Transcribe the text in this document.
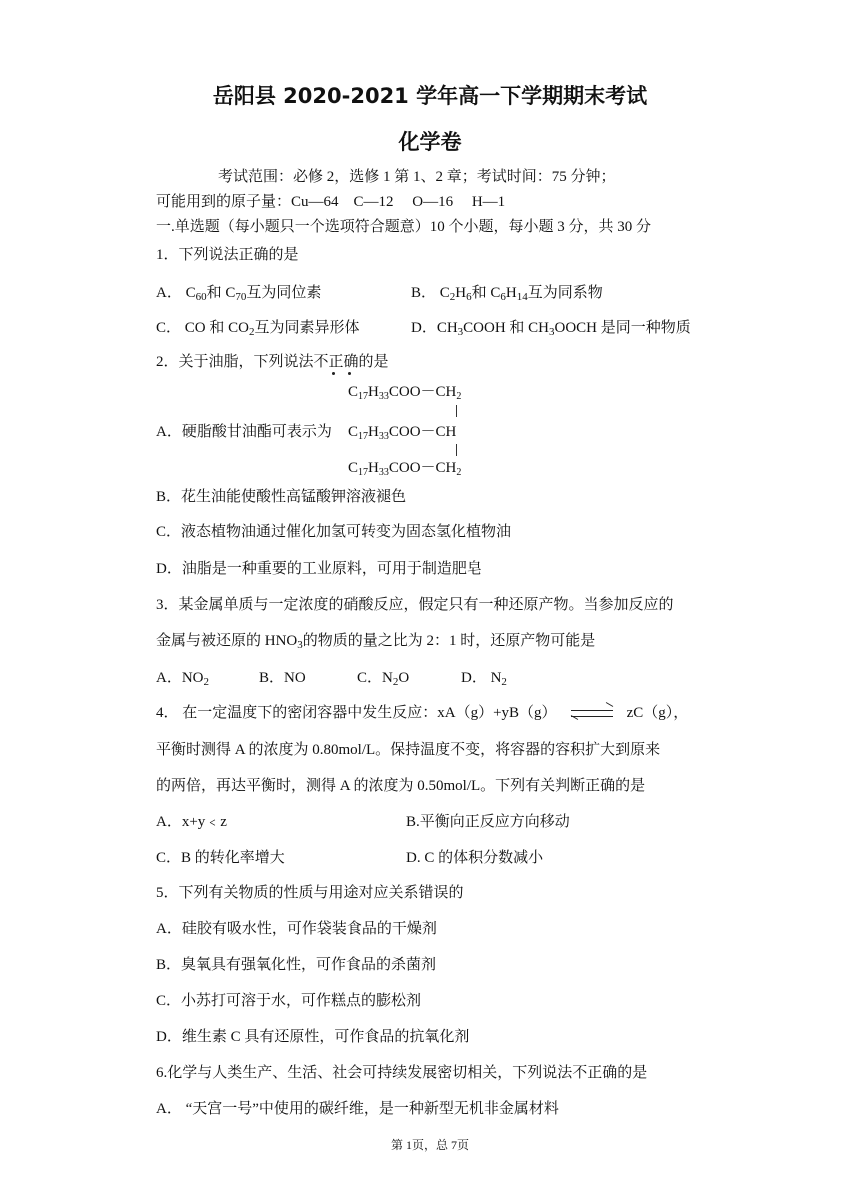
岳阳县 2020-2021 学年高一下学期期末考试
化学卷
考试范围：必修 2，选修 1 第 1、2 章；考试时间：75 分钟；
可能用到的原子量：Cu—64　C—12　 O—16　 H—1
一.单选题（每小题只一个选项符合题意）10 个小题，每小题 3 分，共 30 分
1．下列说法正确的是
A． $C_{60}$和 $C_{70}$互为同位素	B． $C_2H_6$和 $C_6H_{14}$互为同系物
C． CO 和 $CO_2$互为同素异形体	D．$CH_3COOH$ 和 $CH_3OOCH$ 是同一种物质
2．关于油脂，下列说法不正确的是
$C_{17}H_{33}COO-CH_2$
A．硬脂酸甘油酯可表示为 $C_{17}H_{33}COO-CH$
$C_{17}H_{33}COO-CH_2$
B．花生油能使酸性高锰酸钾溶液褪色
C．液态植物油通过催化加氢可转变为固态氢化植物油
D．油脂是一种重要的工业原料，可用于制造肥皂
3．某金属单质与一定浓度的硝酸反应，假定只有一种还原产物。当参加反应的
金属与被还原的 $HNO_3$的物质的量之比为 2：1 时，还原产物可能是
A．$NO_2$	B．NO	C．$N_2O$	D． $N_2$
4． 在一定温度下的密闭容器中发生反应：xA（g）+yB（g） ⇌ zC（g），
平衡时测得 A 的浓度为 0.80mol/L。保持温度不变，将容器的容积扩大到原来
的两倍，再达平衡时，测得 A 的浓度为 0.50mol/L。下列有关判断正确的是
A．x+y﹤z	B.平衡向正反应方向移动
C．B 的转化率增大	D. C 的体积分数减小
5．下列有关物质的性质与用途对应关系错误的
A．硅胶有吸水性，可作袋装食品的干燥剂
B．臭氧具有强氧化性，可作食品的杀菌剂
C．小苏打可溶于水，可作糕点的膨松剂
D．维生素 C 具有还原性，可作食品的抗氧化剂
6.化学与人类生产、生活、社会可持续发展密切相关，下列说法不正确的是
A． “天宫一号”中使用的碳纤维，是一种新型无机非金属材料
第 1页，总 7页
